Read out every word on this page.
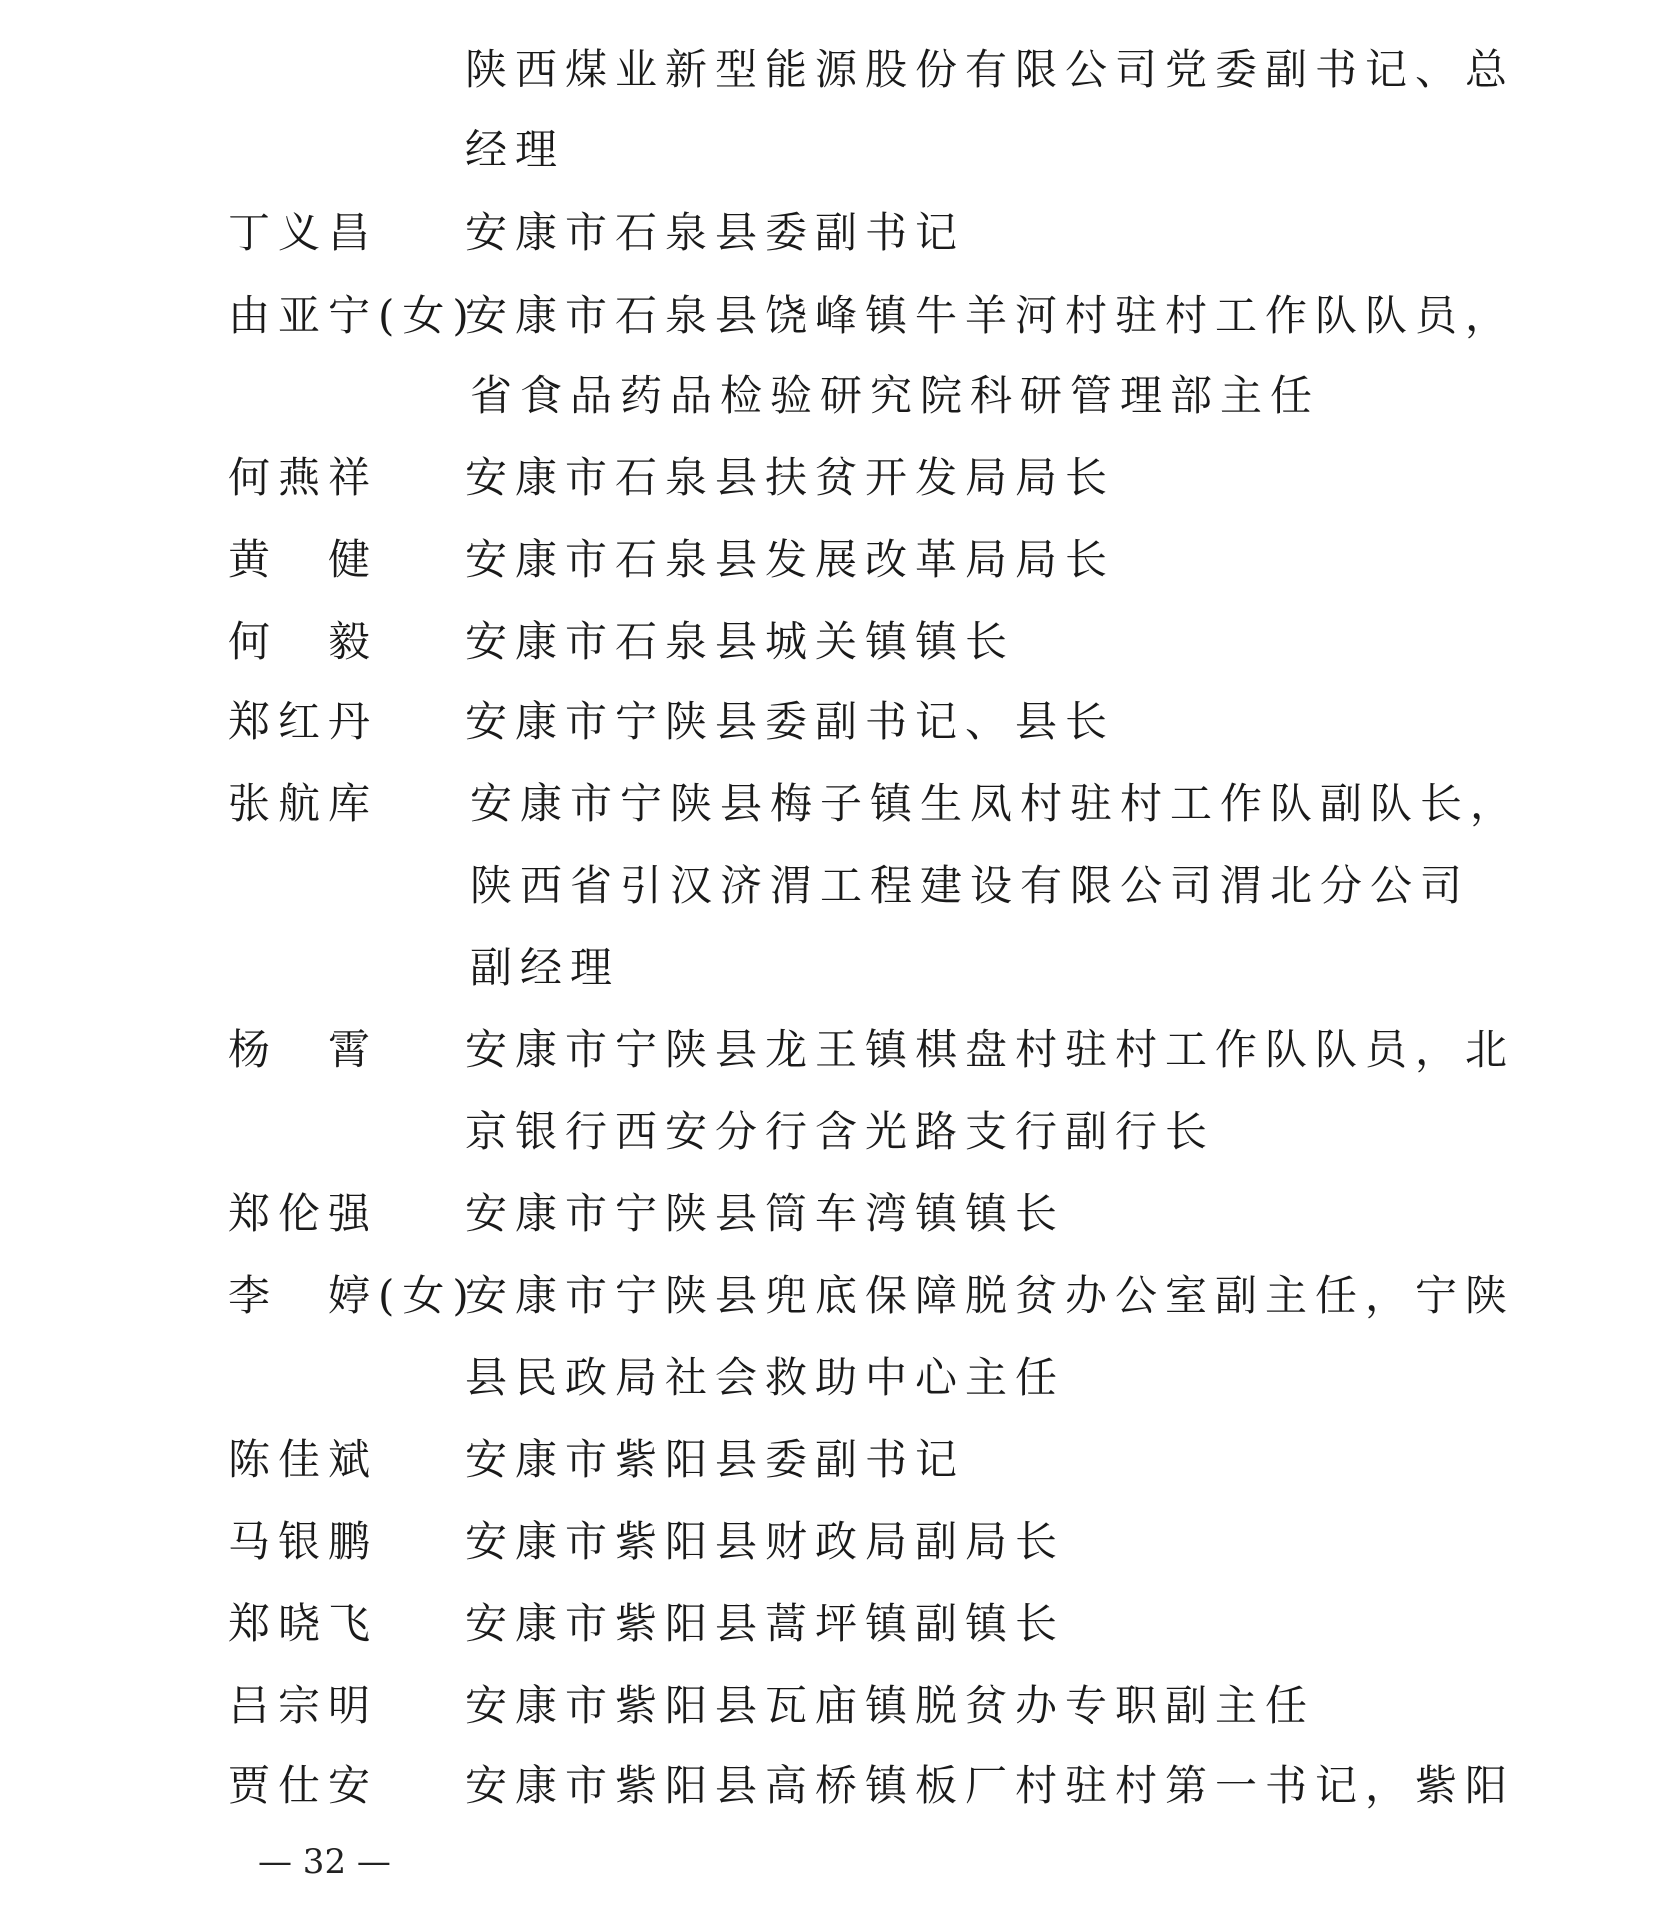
陕西煤业新型能源股份有限公司党委副书记、总
经理
丁义昌 安康市石泉县委副书记
由亚宁(女)
安康市石泉县饶峰镇牛羊河村驻村工作队队员，
省食品药品检验研究院科研管理部主任
何燕祥 安康市石泉县扶贫开发局局长
黄　健 安康市石泉县发展改革局局长
何　毅 安康市石泉县城关镇镇长
郑红丹 安康市宁陕县委副书记、县长
张航库 安康市宁陕县梅子镇生凤村驻村工作队副队长，
陕西省引汉济渭工程建设有限公司渭北分公司
副经理
杨　霄 安康市宁陕县龙王镇棋盘村驻村工作队队员，北
京银行西安分行含光路支行副行长
郑伦强 安康市宁陕县筒车湾镇镇长
李　婷(女)
安康市宁陕县兜底保障脱贫办公室副主任，宁陕
县民政局社会救助中心主任
陈佳斌 安康市紫阳县委副书记
马银鹏 安康市紫阳县财政局副局长
郑晓飞 安康市紫阳县蒿坪镇副镇长
吕宗明 安康市紫阳县瓦庙镇脱贫办专职副主任
贾仕安 安康市紫阳县高桥镇板厂村驻村第一书记，紫阳
— 32 —
